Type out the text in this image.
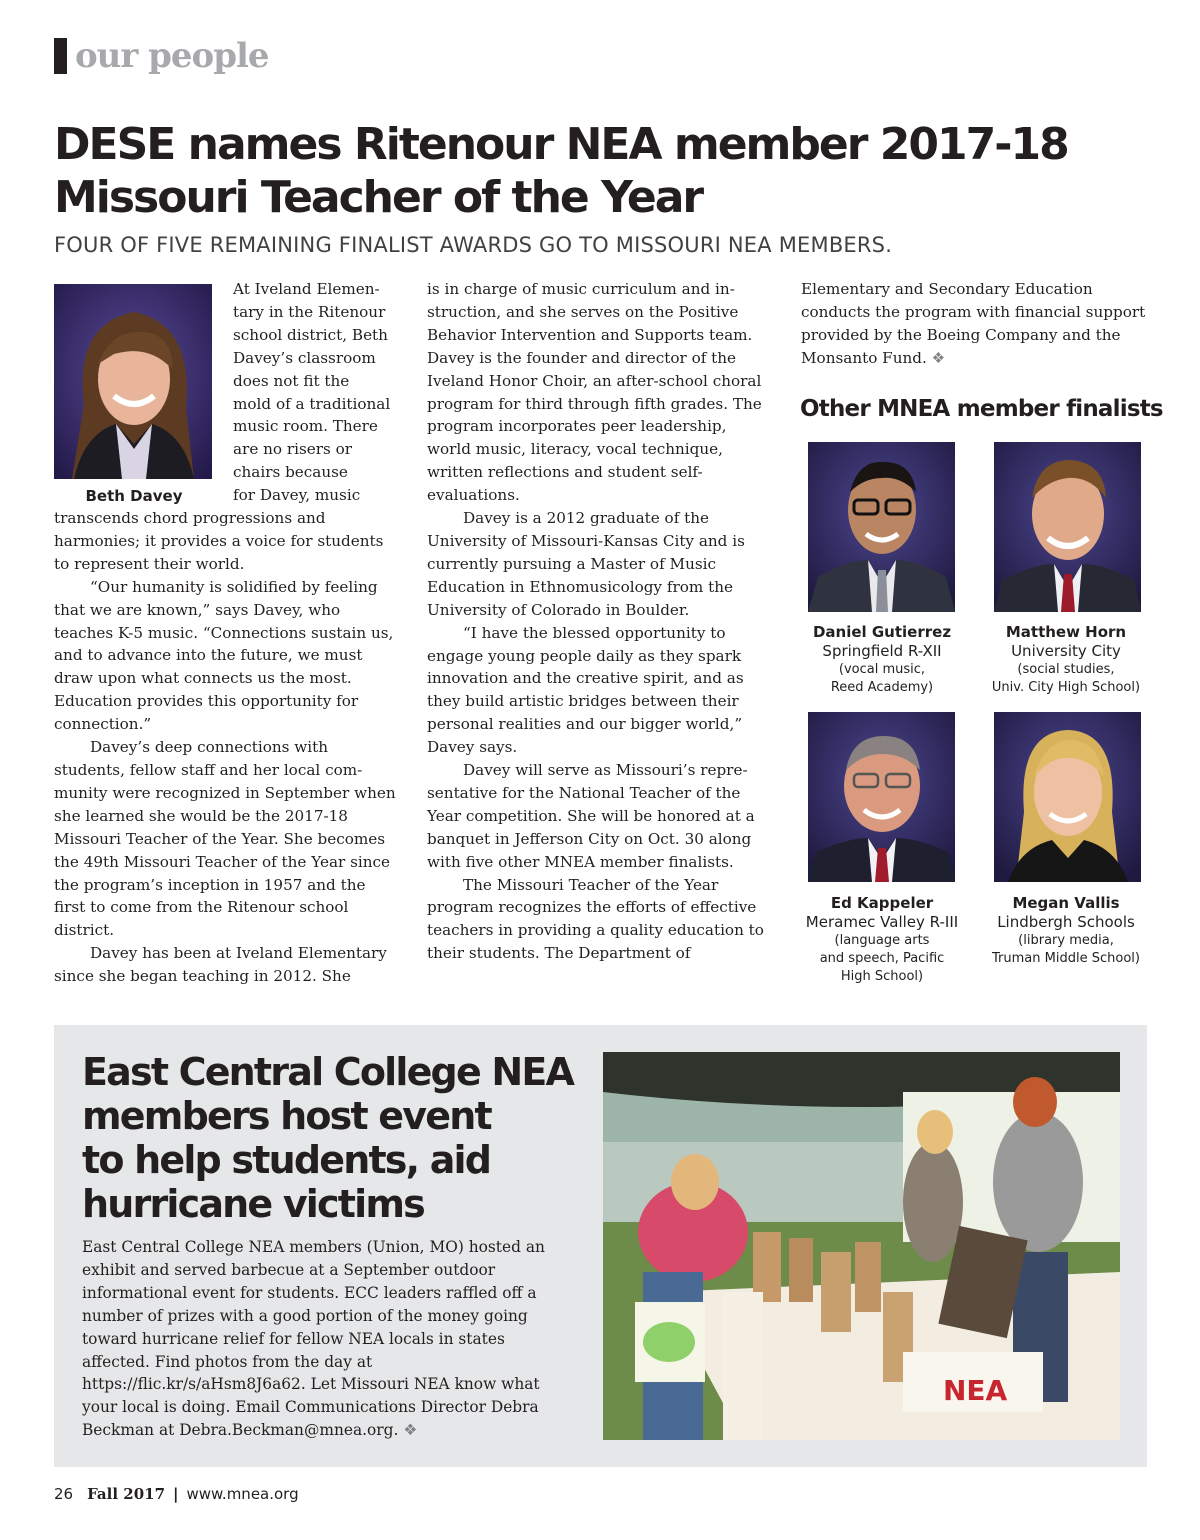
our people
DESE names Ritenour NEA member 2017-18
Missouri Teacher of the Year
FOUR OF FIVE REMAINING FINALIST AWARDS GO TO MISSOURI NEA MEMBERS.
Beth Davey
At Iveland Elemen-
tary in the Ritenour
school district, Beth
Davey’s classroom
does not fit the
mold of a traditional
music room. There
are no risers or
chairs because
for Davey, music

transcends chord progressions and harmonies; it provides a voice for students to represent their world.

“Our humanity is solidified by feeling that we are known,” says Davey, who teaches K-5 music. “Connections sustain us, and to advance into the future, we must draw upon what connects us the most. Education provides this opportunity for connection.”

Davey’s deep connections with students, fellow staff and her local community were recognized in September when she learned she would be the 2017-18 Missouri Teacher of the Year. She becomes the 49th Missouri Teacher of the Year since the program’s inception in 1957 and the first to come from the Ritenour school district.

Davey has been at Iveland Elementary since she began teaching in 2012. She

is in charge of music curriculum and instruction, and she serves on the Positive Behavior Intervention and Supports team. Davey is the founder and director of the Iveland Honor Choir, an after-school choral program for third through fifth grades. The program incorporates peer leadership, world music, literacy, vocal technique, written reflections and student self-evaluations.

Davey is a 2012 graduate of the University of Missouri-Kansas City and is currently pursuing a Master of Music Education in Ethnomusicology from the University of Colorado in Boulder.

“I have the blessed opportunity to engage young people daily as they spark innovation and the creative spirit, and as they build artistic bridges between their personal realities and our bigger world,” Davey says.

Davey will serve as Missouri’s representative for the National Teacher of the Year competition. She will be honored at a banquet in Jefferson City on Oct. 30 along with five other MNEA member finalists.

The Missouri Teacher of the Year program recognizes the efforts of effective teachers in providing a quality education to their students. The Department of

Elementary and Secondary Education conducts the program with financial support provided by the Boeing Company and the Monsanto Fund. ❖

Other MNEA member finalists
Daniel Gutierrez
Springfield R-XII
(vocal music,
Reed Academy)
Matthew Horn
University City
(social studies,
Univ. City High School)
Ed Kappeler
Meramec Valley R-III
(language arts
and speech, Pacific
High School)
Megan Vallis
Lindbergh Schools
(library media,
Truman Middle School)
East Central College NEA
members host event
to help students, aid
hurricane victims
East Central College NEA members (Union, MO) hosted an exhibit and served barbecue at a September outdoor informational event for students. ECC leaders raffled off a number of prizes with a good portion of the money going toward hurricane relief for fellow NEA locals in states affected. Find photos from the day at https://flic.kr/s/aHsm8J6a62. Let Missouri NEA know what your local is doing. Email Communications Director Debra Beckman at Debra.Beckman@mnea.org. ❖
NEA
26 Fall 2017 | www.mnea.org
